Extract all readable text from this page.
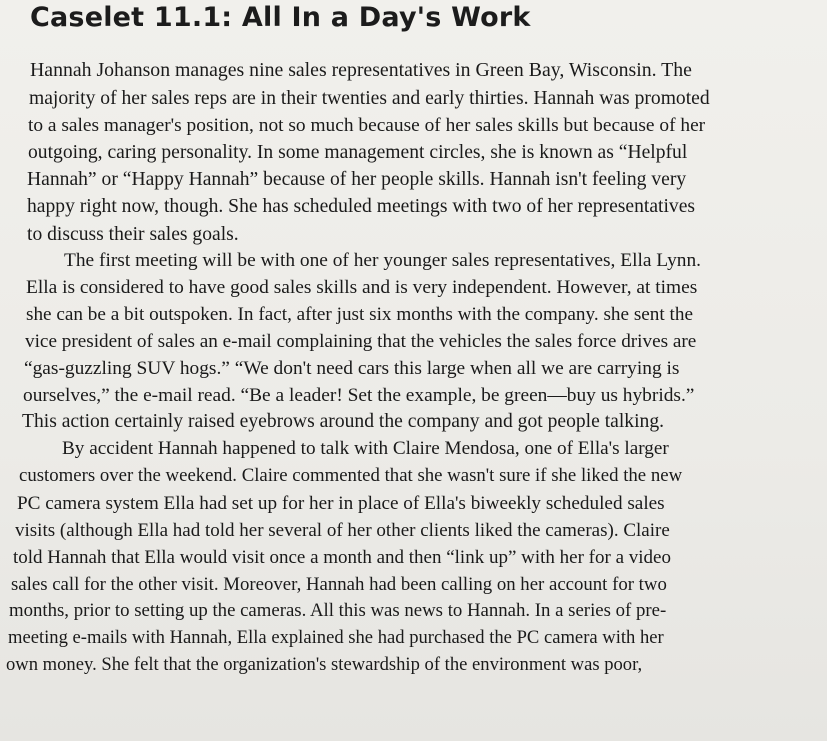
Caselet 11.1: All In a Day's Work
Hannah Johanson manages nine sales representatives in Green Bay, Wisconsin. The
majority of her sales reps are in their twenties and early thirties. Hannah was promoted
to a sales manager's position, not so much because of her sales skills but because of her
outgoing, caring personality. In some management circles, she is known as “Helpful
Hannah” or “Happy Hannah” because of her people skills. Hannah isn't feeling very
happy right now, though. She has scheduled meetings with two of her representatives
to discuss their sales goals.
The first meeting will be with one of her younger sales representatives, Ella Lynn.
Ella is considered to have good sales skills and is very independent. However, at times
she can be a bit outspoken. In fact, after just six months with the company. she sent the
vice president of sales an e-mail complaining that the vehicles the sales force drives are
“gas-guzzling SUV hogs.” “We don't need cars this large when all we are carrying is
ourselves,” the e-mail read. “Be a leader! Set the example, be green—buy us hybrids.”
This action certainly raised eyebrows around the company and got people talking.
By accident Hannah happened to talk with Claire Mendosa, one of Ella's larger
customers over the weekend. Claire commented that she wasn't sure if she liked the new
PC camera system Ella had set up for her in place of Ella's biweekly scheduled sales
visits (although Ella had told her several of her other clients liked the cameras). Claire
told Hannah that Ella would visit once a month and then “link up” with her for a video
sales call for the other visit. Moreover, Hannah had been calling on her account for two
months, prior to setting up the cameras. All this was news to Hannah. In a series of pre-
meeting e-mails with Hannah, Ella explained she had purchased the PC camera with her
own money. She felt that the organization's stewardship of the environment was poor,
